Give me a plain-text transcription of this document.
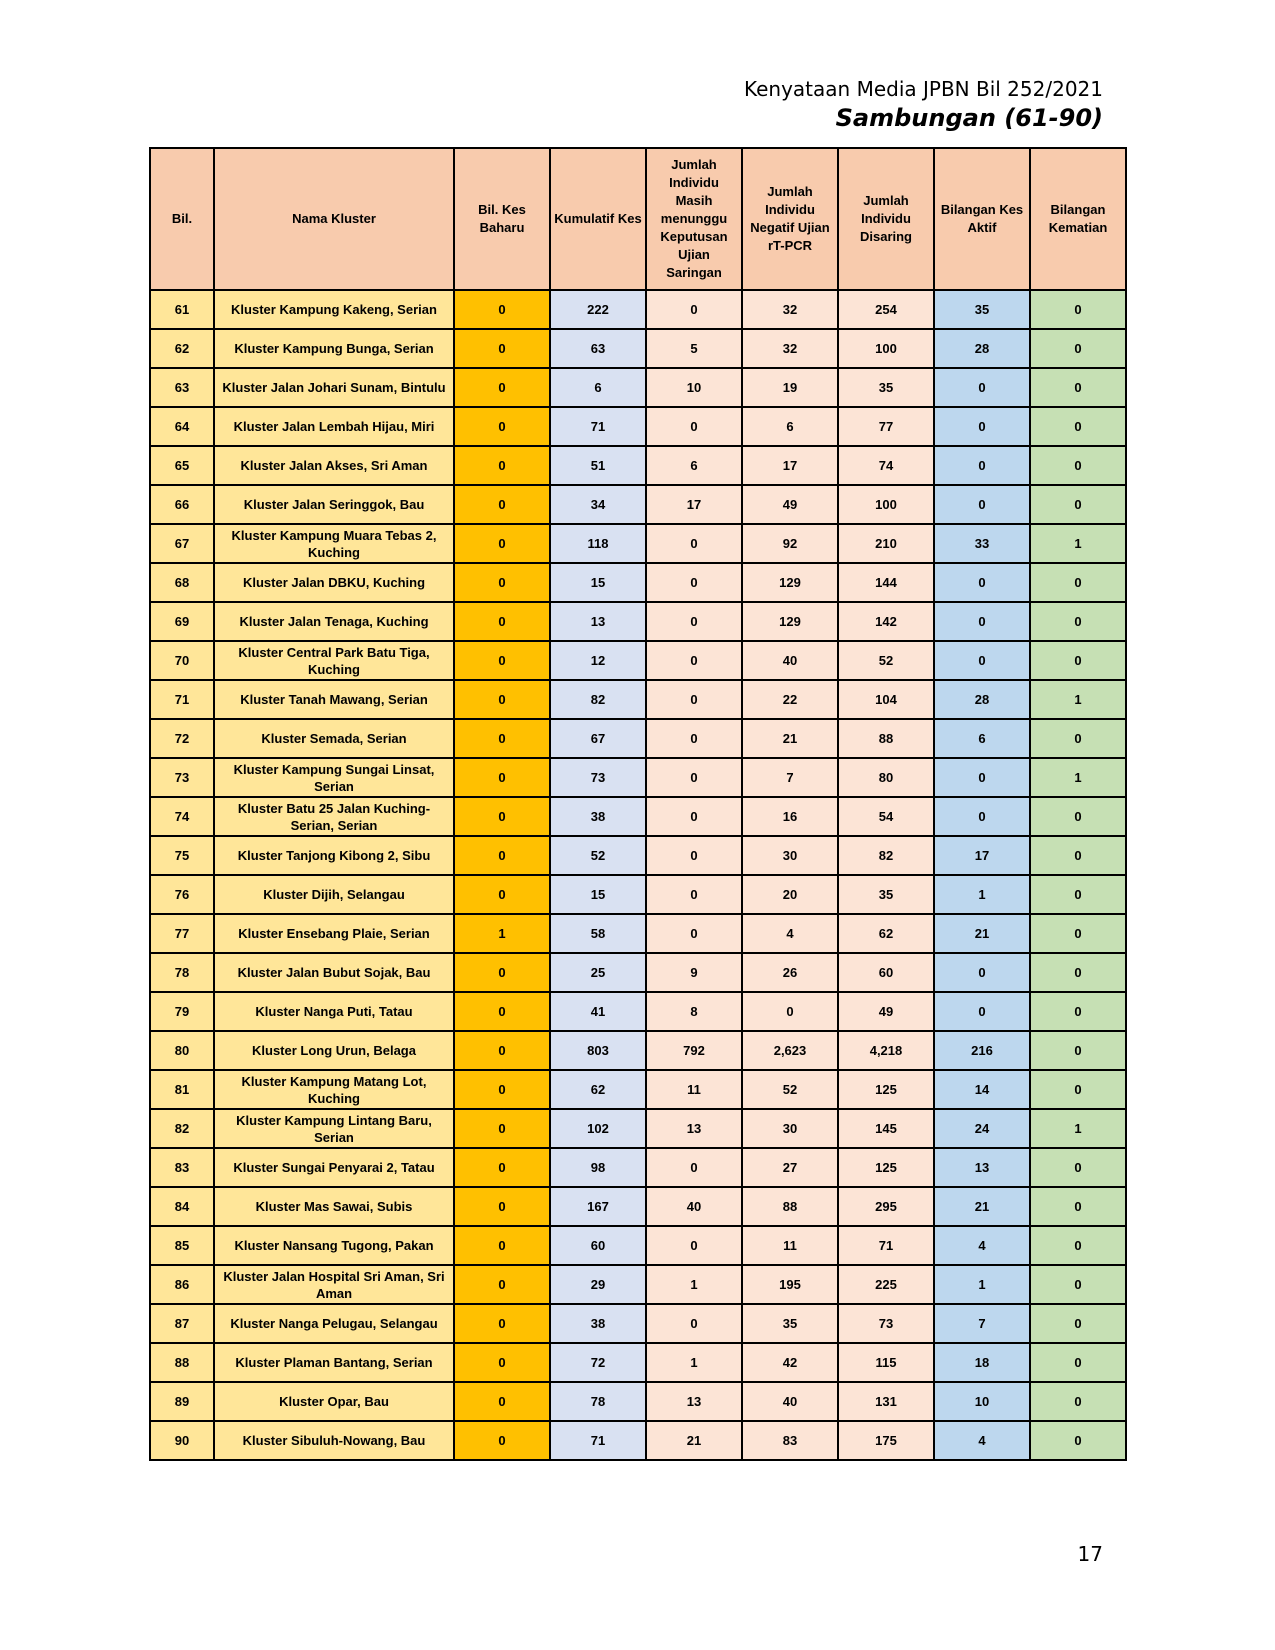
Kenyataan Media JPBN Bil 252/2021
Sambungan (61-90)
Bil.	Nama Kluster	Bil. Kes Baharu	Kumulatif Kes	Jumlah Individu Masih menunggu Keputusan Ujian Saringan	Jumlah Individu Negatif Ujian rT-PCR	Jumlah Individu Disaring	Bilangan Kes Aktif	Bilangan Kematian
61	Kluster Kampung Kakeng, Serian	0	222	0	32	254	35	0
62	Kluster Kampung Bunga, Serian	0	63	5	32	100	28	0
63	Kluster Jalan Johari Sunam, Bintulu	0	6	10	19	35	0	0
64	Kluster Jalan Lembah Hijau, Miri	0	71	0	6	77	0	0
65	Kluster Jalan Akses, Sri Aman	0	51	6	17	74	0	0
66	Kluster Jalan Seringgok, Bau	0	34	17	49	100	0	0
67	Kluster Kampung Muara Tebas 2, Kuching	0	118	0	92	210	33	1
68	Kluster Jalan DBKU, Kuching	0	15	0	129	144	0	0
69	Kluster Jalan Tenaga, Kuching	0	13	0	129	142	0	0
70	Kluster Central Park Batu Tiga, Kuching	0	12	0	40	52	0	0
71	Kluster Tanah Mawang, Serian	0	82	0	22	104	28	1
72	Kluster Semada, Serian	0	67	0	21	88	6	0
73	Kluster Kampung Sungai Linsat, Serian	0	73	0	7	80	0	1
74	Kluster Batu 25 Jalan Kuching-Serian, Serian	0	38	0	16	54	0	0
75	Kluster Tanjong Kibong 2, Sibu	0	52	0	30	82	17	0
76	Kluster Dijih, Selangau	0	15	0	20	35	1	0
77	Kluster Ensebang Plaie, Serian	1	58	0	4	62	21	0
78	Kluster Jalan Bubut Sojak, Bau	0	25	9	26	60	0	0
79	Kluster Nanga Puti, Tatau	0	41	8	0	49	0	0
80	Kluster Long Urun, Belaga	0	803	792	2,623	4,218	216	0
81	Kluster Kampung Matang Lot, Kuching	0	62	11	52	125	14	0
82	Kluster Kampung Lintang Baru, Serian	0	102	13	30	145	24	1
83	Kluster Sungai Penyarai 2, Tatau	0	98	0	27	125	13	0
84	Kluster Mas Sawai, Subis	0	167	40	88	295	21	0
85	Kluster Nansang Tugong, Pakan	0	60	0	11	71	4	0
86	Kluster Jalan Hospital Sri Aman, Sri Aman	0	29	1	195	225	1	0
87	Kluster Nanga Pelugau, Selangau	0	38	0	35	73	7	0
88	Kluster Plaman Bantang, Serian	0	72	1	42	115	18	0
89	Kluster Opar, Bau	0	78	13	40	131	10	0
90	Kluster Sibuluh-Nowang, Bau	0	71	21	83	175	4	0
17
